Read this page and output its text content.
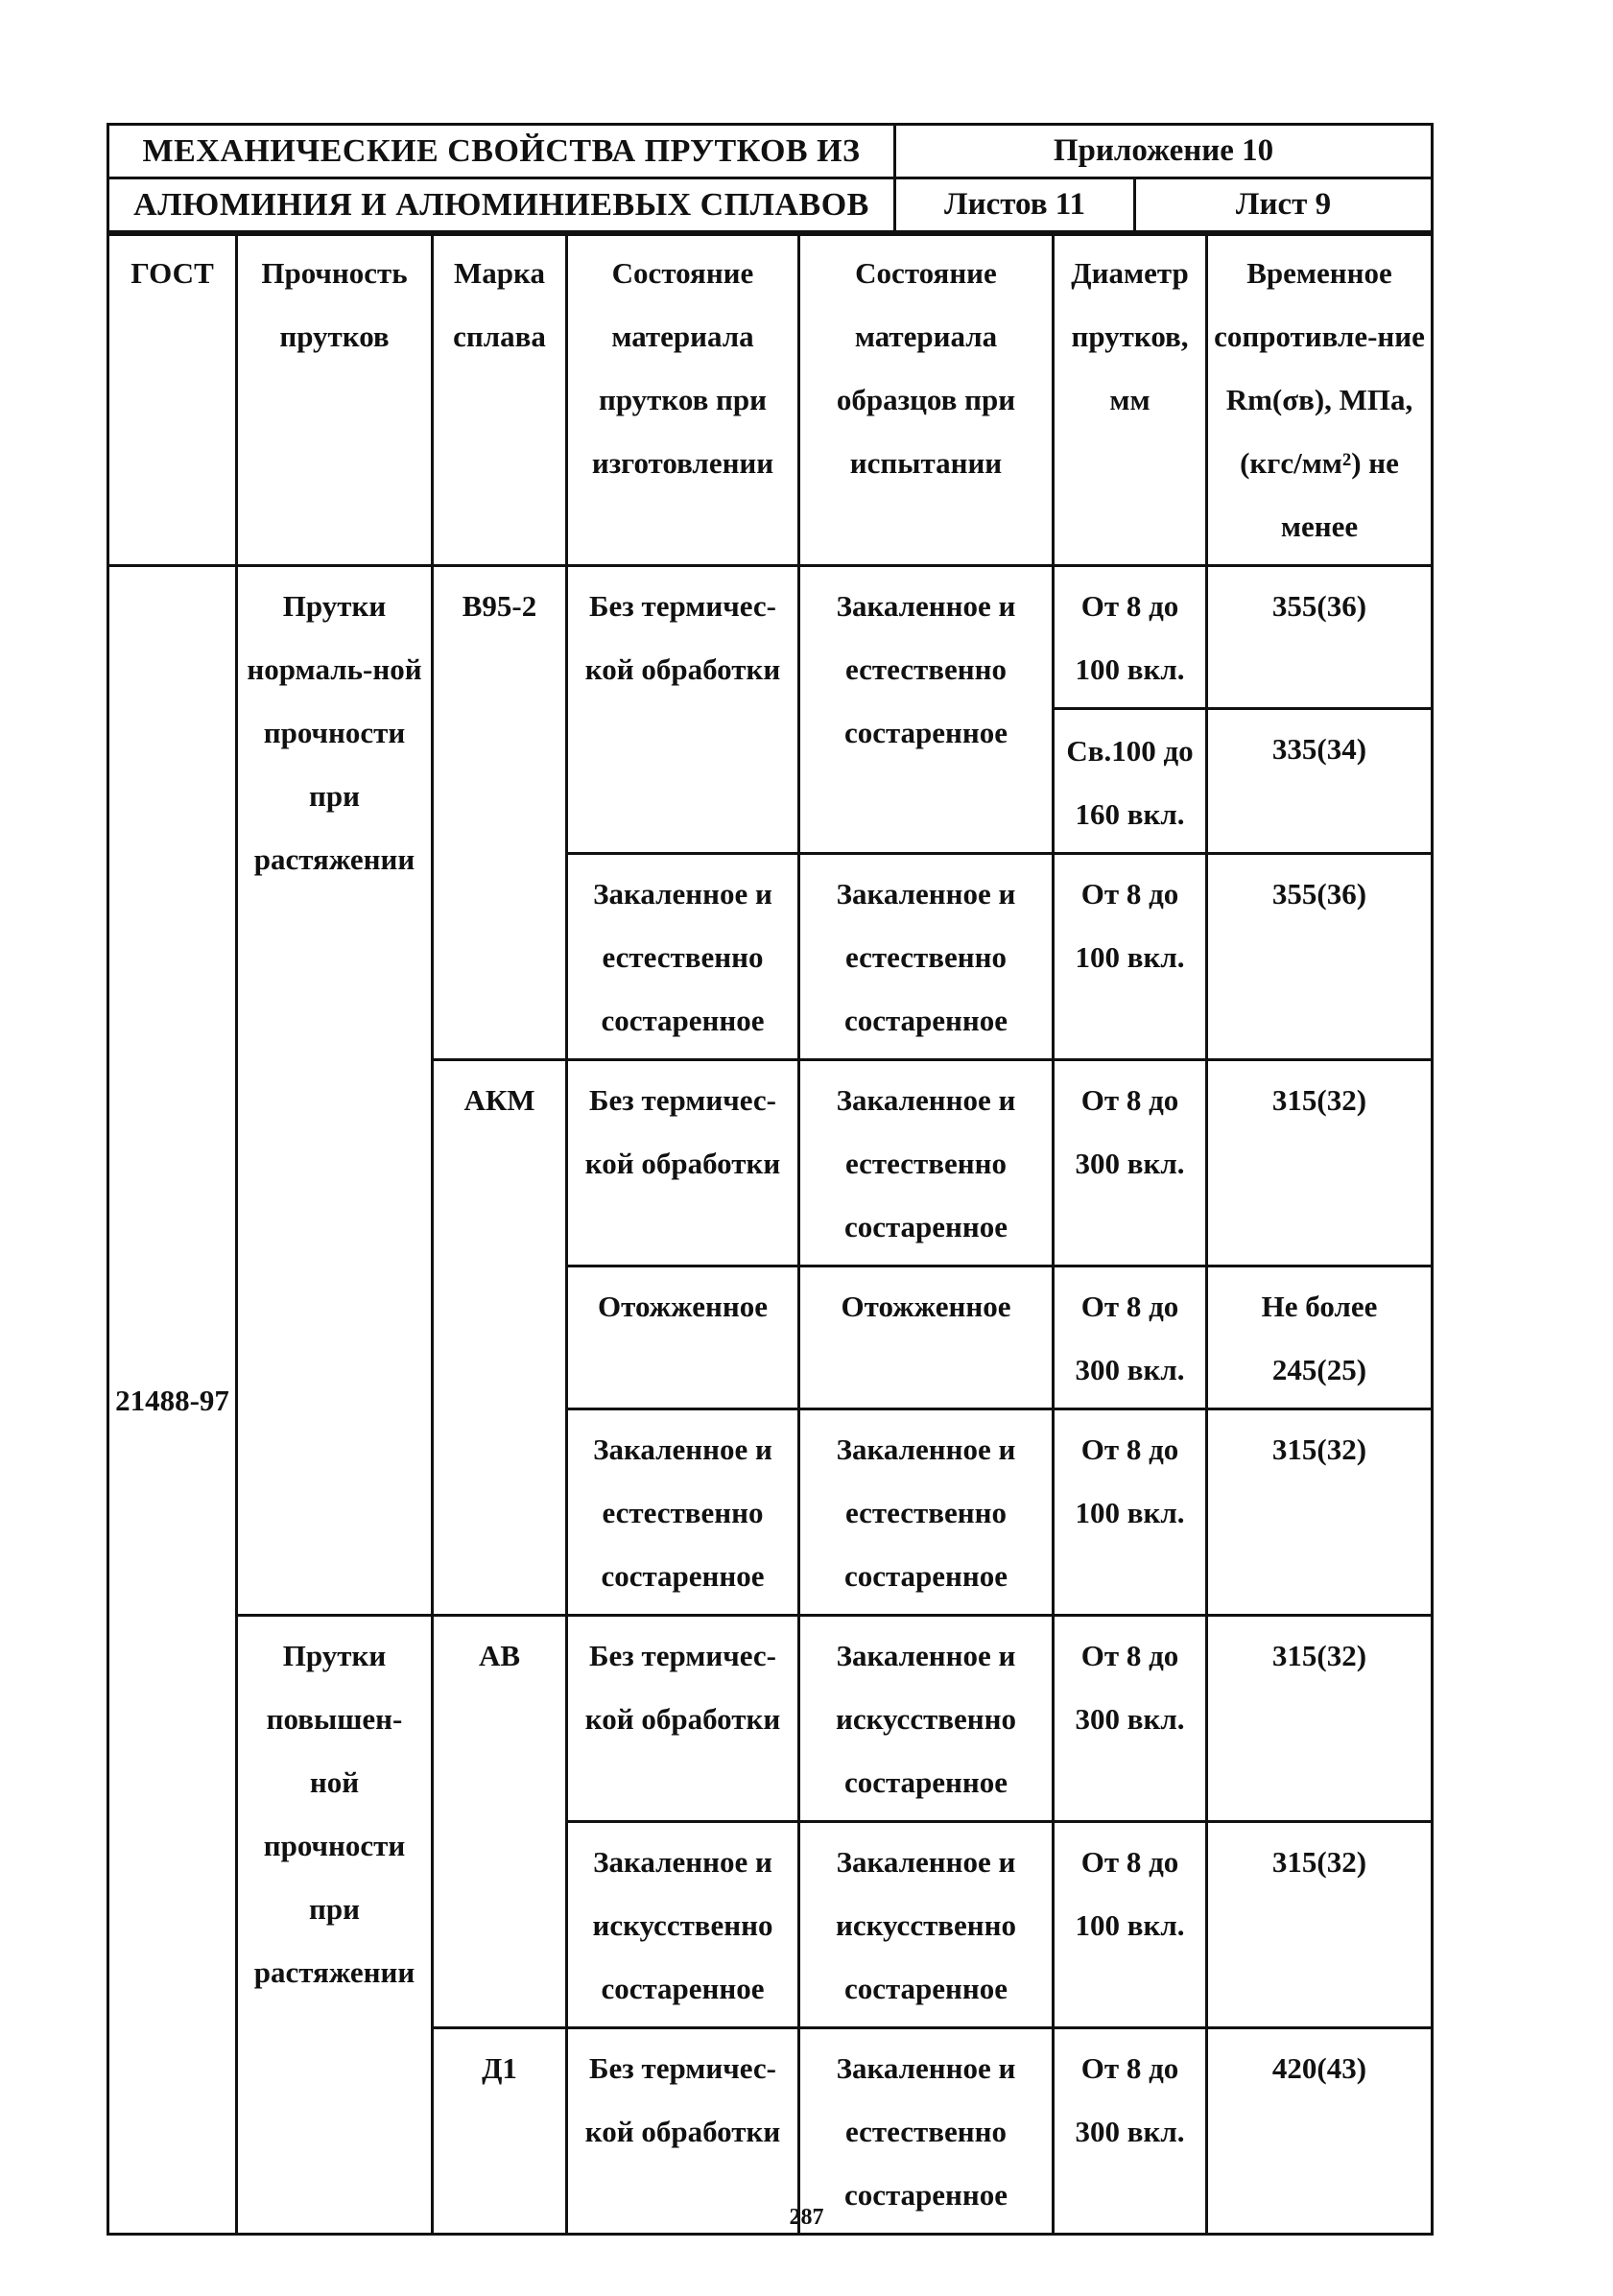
МЕХАНИЧЕСКИЕ СВОЙСТВА ПРУТКОВ ИЗ	Приложение 10	
АЛЮМИНИЯ И АЛЮМИНИЕВЫХ СПЛАВОВ	Листов 11	Лист 9
ГОСТ	Прочность прутков	Марка сплава	Состояние материала прутков при изготовлении	Состояние материала образцов при испытании	Диаметр прутков, мм	Временное сопротивле-ние Rm(σв), МПа, (кгс/мм²) не менее
21488-97	Прутки нормаль-ной прочности при растяжении	В95-2	Без термичес-кой обработки	Закаленное и естественно состаренное	От 8 до 100 вкл.	355(36)
					Св.100 до 160 вкл.	335(34)
			Закаленное и естественно состаренное	Закаленное и естественно состаренное	От 8 до 100 вкл.	355(36)
		АКМ	Без термичес-кой обработки	Закаленное и естественно состаренное	От 8 до 300 вкл.	315(32)
			Отожженное	Отожженное	От 8 до 300 вкл.	Не более 245(25)
			Закаленное и естественно состаренное	Закаленное и естественно состаренное	От 8 до 100 вкл.	315(32)
	Прутки повышен-ной прочности при растяжении	АВ	Без термичес-кой обработки	Закаленное и искусственно состаренное	От 8 до 300 вкл.	315(32)
			Закаленное и искусственно состаренное	Закаленное и искусственно состаренное	От 8 до 100 вкл.	315(32)
		Д1	Без термичес-кой обработки	Закаленное и естественно состаренное	От 8 до 300 вкл.	420(43)
287
